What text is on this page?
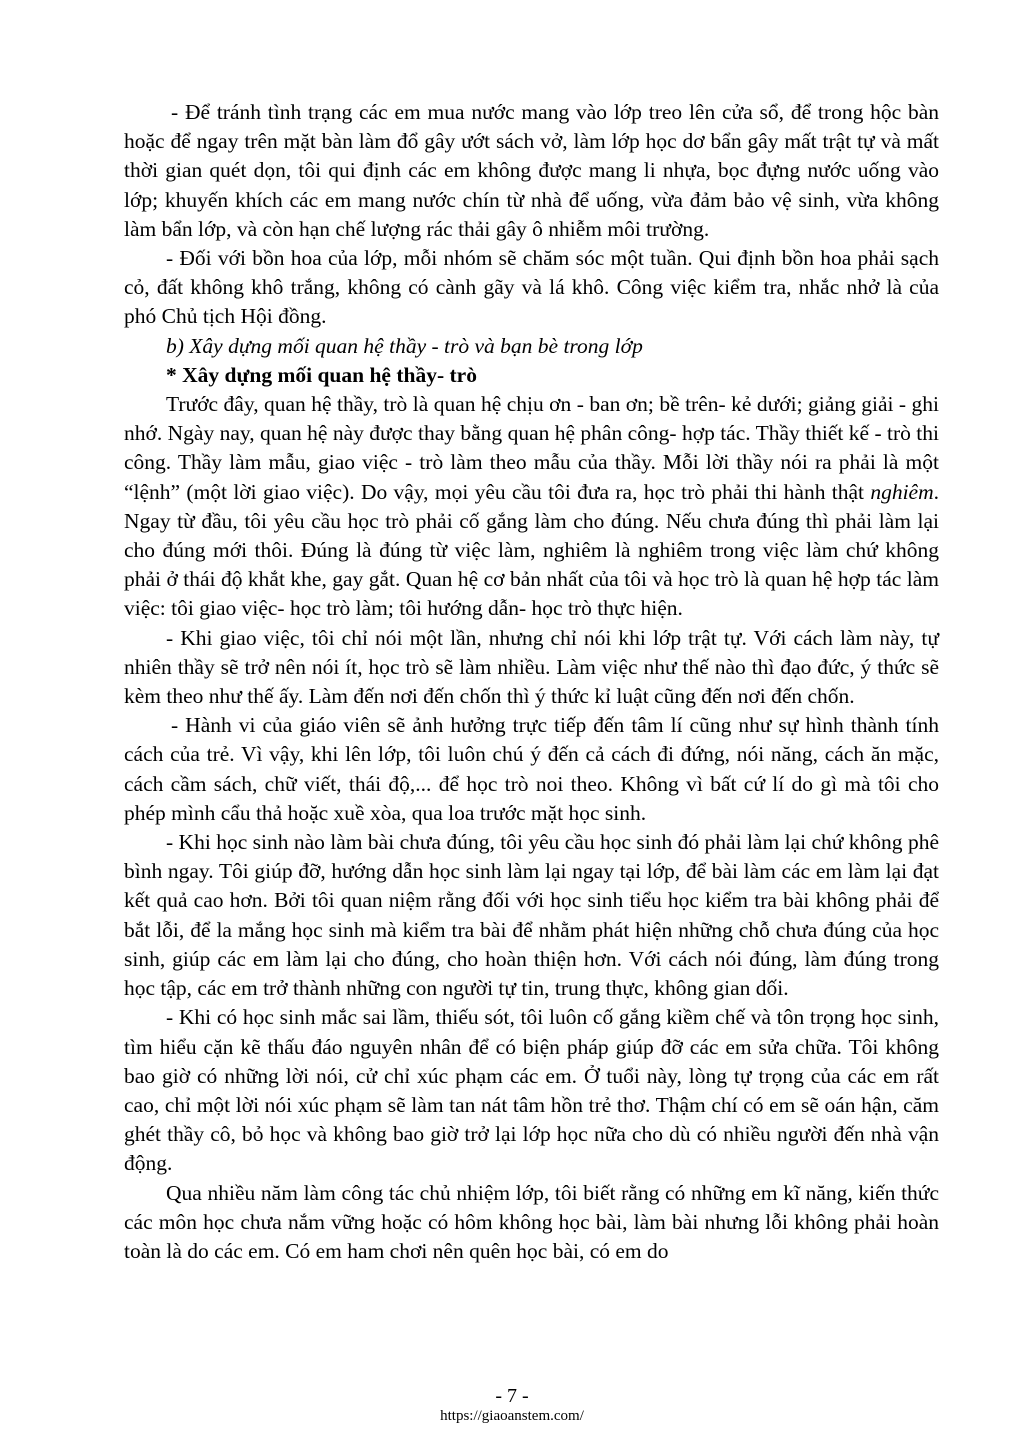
- Để tránh tình trạng các em mua nước mang vào lớp treo lên cửa sổ, để trong hộc bàn hoặc để ngay trên mặt bàn làm đổ gây ướt sách vở, làm lớp học dơ bẩn gây mất trật tự và mất thời gian quét dọn, tôi qui định các em không được mang li nhựa, bọc đựng nước uống vào lớp; khuyến khích các em mang nước chín từ nhà để uống, vừa đảm bảo vệ sinh, vừa không làm bẩn lớp, và còn hạn chế lượng rác thải gây ô nhiễm môi trường.

- Đối với bồn hoa của lớp, mỗi nhóm sẽ chăm sóc một tuần. Qui định bồn hoa phải sạch cỏ, đất không khô trắng, không có cành gãy và lá khô. Công việc kiểm tra, nhắc nhở là của phó Chủ tịch Hội đồng.

b) Xây dựng mối quan hệ thầy - trò và bạn bè trong lớp

* Xây dựng mối quan hệ thầy- trò

Trước đây, quan hệ thầy, trò là quan hệ chịu ơn - ban ơn; bề trên- kẻ dưới; giảng giải - ghi nhớ. Ngày nay, quan hệ này được thay bằng quan hệ phân công- hợp tác. Thầy thiết kế - trò thi công. Thầy làm mẫu, giao việc - trò làm theo mẫu của thầy. Mỗi lời thầy nói ra phải là một “lệnh” (một lời giao việc). Do vậy, mọi yêu cầu tôi đưa ra, học trò phải thi hành thật nghiêm. Ngay từ đầu, tôi yêu cầu học trò phải cố gắng làm cho đúng. Nếu chưa đúng thì phải làm lại cho đúng mới thôi. Đúng là đúng từ việc làm, nghiêm là nghiêm trong việc làm chứ không phải ở thái độ khắt khe, gay gắt. Quan hệ cơ bản nhất của tôi và học trò là quan hệ hợp tác làm việc: tôi giao việc- học trò làm; tôi hướng dẫn- học trò thực hiện.

- Khi giao việc, tôi chỉ nói một lần, nhưng chỉ nói khi lớp trật tự. Với cách làm này, tự nhiên thầy sẽ trở nên nói ít, học trò sẽ làm nhiều. Làm việc như thế nào thì đạo đức, ý thức sẽ kèm theo như thế ấy. Làm đến nơi đến chốn thì ý thức kỉ luật cũng đến nơi đến chốn.

- Hành vi của giáo viên sẽ ảnh hưởng trực tiếp đến tâm lí cũng như sự hình thành tính cách của trẻ. Vì vậy, khi lên lớp, tôi luôn chú ý đến cả cách đi đứng, nói năng, cách ăn mặc, cách cầm sách, chữ viết, thái độ,... để học trò noi theo. Không vì bất cứ lí do gì mà tôi cho phép mình cẩu thả hoặc xuề xòa, qua loa trước mặt học sinh.

- Khi học sinh nào làm bài chưa đúng, tôi yêu cầu học sinh đó phải làm lại chứ không phê bình ngay. Tôi giúp đỡ, hướng dẫn học sinh làm lại ngay tại lớp, để bài làm các em làm lại đạt kết quả cao hơn. Bởi tôi quan niệm rằng đối với học sinh tiểu học kiểm tra bài không phải để bắt lỗi, để la mắng học sinh mà kiểm tra bài để nhằm phát hiện những chỗ chưa đúng của học sinh, giúp các em làm lại cho đúng, cho hoàn thiện hơn. Với cách nói đúng, làm đúng trong học tập, các em trở thành những con người tự tin, trung thực, không gian dối.

- Khi có học sinh mắc sai lầm, thiếu sót, tôi luôn cố gắng kiềm chế và tôn trọng học sinh, tìm hiểu cặn kẽ thấu đáo nguyên nhân để có biện pháp giúp đỡ các em sửa chữa. Tôi không bao giờ có những lời nói, cử chỉ xúc phạm các em. Ở tuổi này, lòng tự trọng của các em rất cao, chỉ một lời nói xúc phạm sẽ làm tan nát tâm hồn trẻ thơ. Thậm chí có em sẽ oán hận, căm ghét thầy cô, bỏ học và không bao giờ trở lại lớp học nữa cho dù có nhiều người đến nhà vận động.

Qua nhiều năm làm công tác chủ nhiệm lớp, tôi biết rằng có những em kĩ năng, kiến thức các môn học chưa nắm vững hoặc có hôm không học bài, làm bài nhưng lỗi không phải hoàn toàn là do các em. Có em ham chơi nên quên học bài, có em do

- 7 -
https://giaoanstem.com/
